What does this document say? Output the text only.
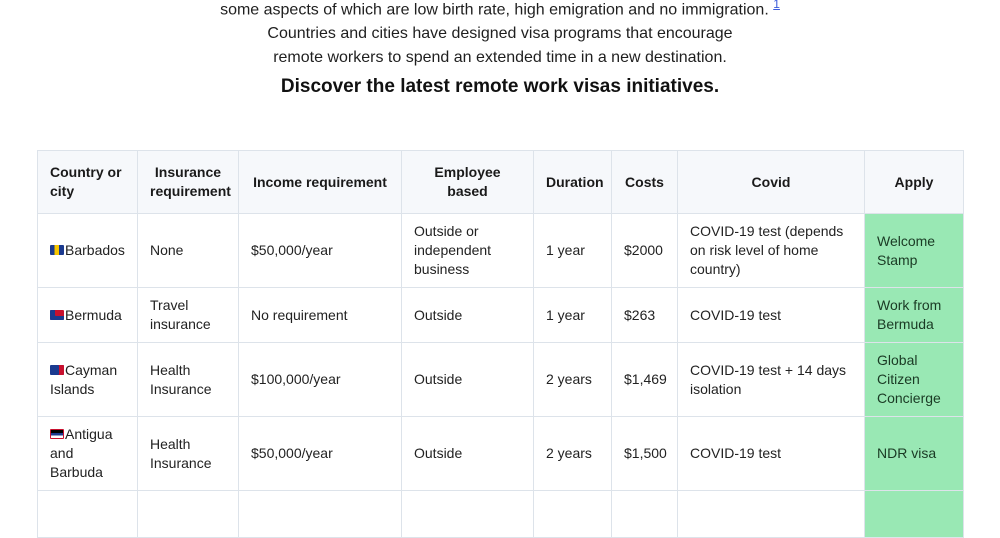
some aspects of which are low birth rate, high emigration and no immigration. $^1$
Countries and cities have designed visa programs that encourage
remote workers to spend an extended time in a new destination.
Discover the latest remote work visas initiatives.
Country or city	Insurance requirement	Income requirement	Employee based	Duration	Costs	Covid	Apply
Barbados	None	$50,000/year	Outside or independent business	1 year	$2000	COVID-19 test (depends on risk level of home country)	Welcome Stamp
Bermuda	Travel insurance	No requirement	Outside	1 year	$263	COVID-19 test	Work from Bermuda
Cayman Islands	Health Insurance	$100,000/year	Outside	2 years	$1,469	COVID-19 test + 14 days isolation	Global Citizen Concierge
Antigua and Barbuda	Health Insurance	$50,000/year	Outside	2 years	$1,500	COVID-19 test	NDR visa
